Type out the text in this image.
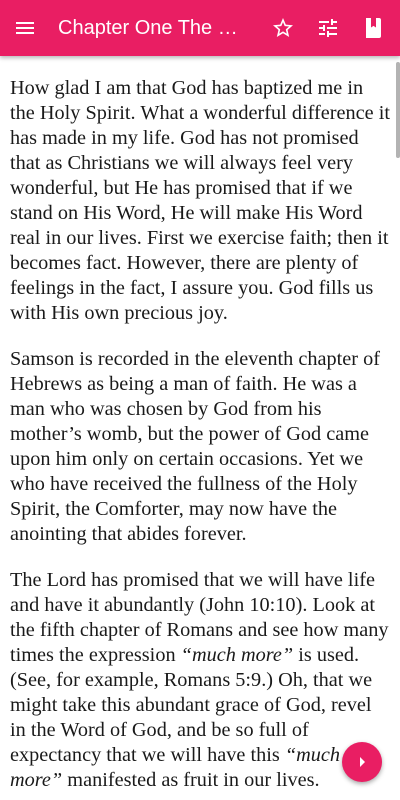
Chapter One The …

How glad I am that God has baptized me in the Holy Spirit. What a wonderful difference it has made in my life. God has not promised that as Christians we will always feel very wonderful, but He has promised that if we stand on His Word, He will make His Word real in our lives. First we exercise faith; then it becomes fact. However, there are plenty of feelings in the fact, I assure you. God fills us with His own precious joy.

Samson is recorded in the eleventh chapter of Hebrews as being a man of faith. He was a man who was chosen by God from his mother’s womb, but the power of God came upon him only on certain occasions. Yet we who have received the fullness of the Holy Spirit, the Comforter, may now have the anointing that abides forever.

The Lord has promised that we will have life and have it abundantly (John 10:10). Look at the fifth chapter of Romans and see how many times the expression “much more” is used. (See, for example, Romans 5:9.) Oh, that we might take this abundant grace of God, revel in the Word of God, and be so full of expectancy that we will have this “much more” manifested as fruit in our lives.
